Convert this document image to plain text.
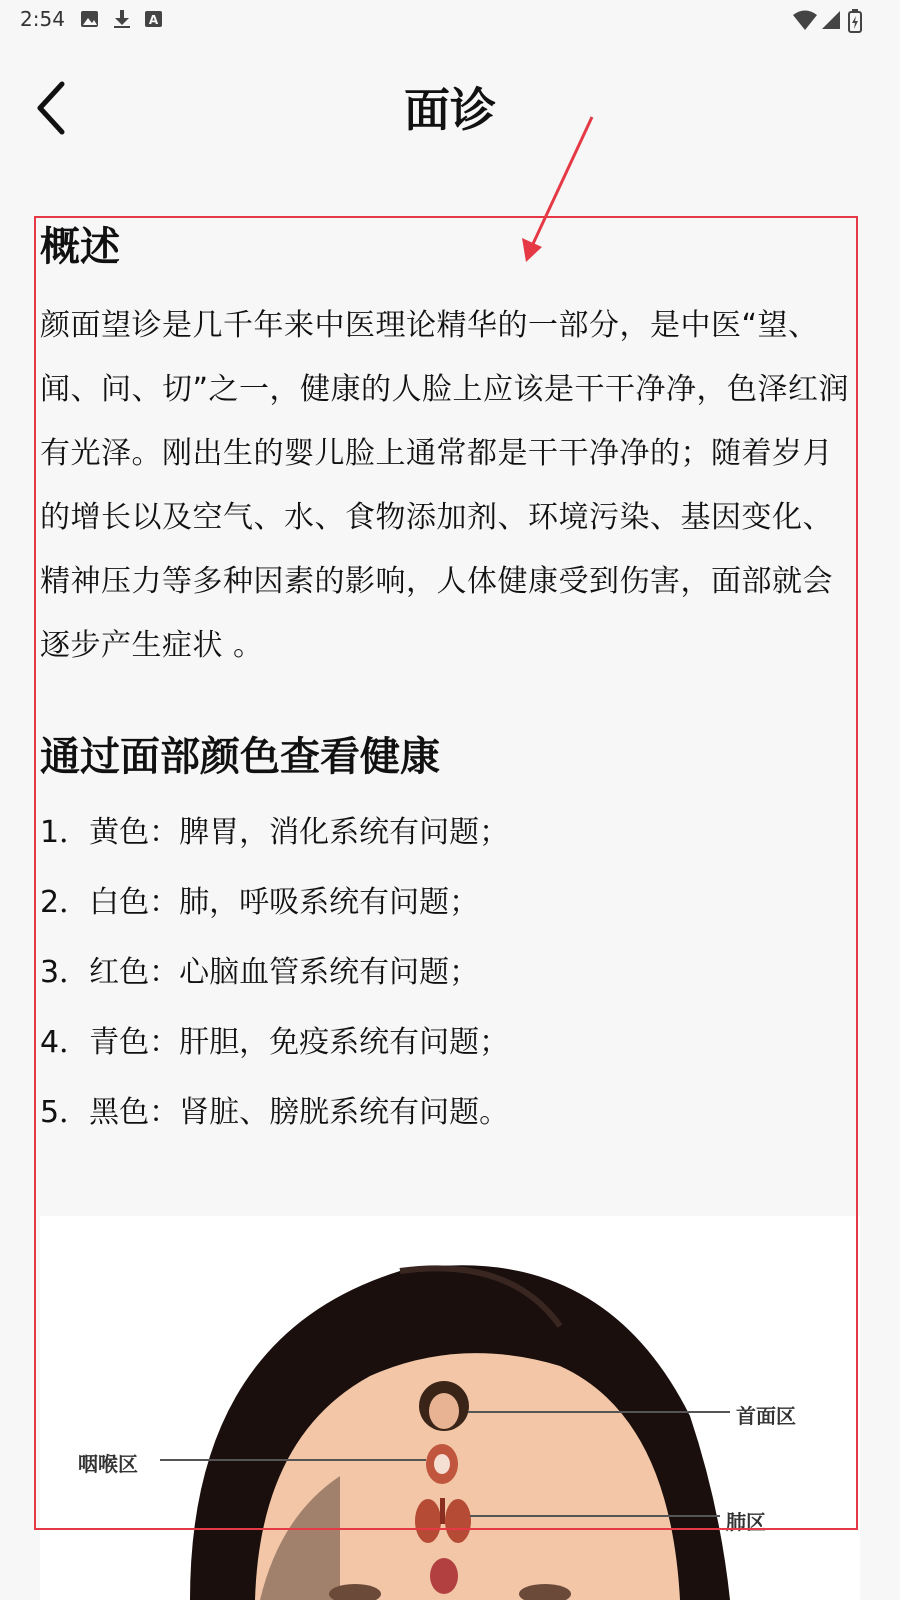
2:54	A
面诊
概述
颜面望诊是几千年来中医理论精华的一部分，是中医“望、闻、问、切”之一，健康的人脸上应该是干干净净，色泽红润有光泽。刚出生的婴儿脸上通常都是干干净净的；随着岁月的增长以及空气、水、食物添加剂、环境污染、基因变化、精神压力等多种因素的影响，人体健康受到伤害，面部就会逐步产生症状 。
通过面部颜色查看健康
1．黄色：脾胃，消化系统有问题；
2．白色：肺，呼吸系统有问题；
3．红色：心脑血管系统有问题；
4．青色：肝胆，免疫系统有问题；
5．黑色：肾脏、膀胱系统有问题。
首面区
咽喉区
肺区
